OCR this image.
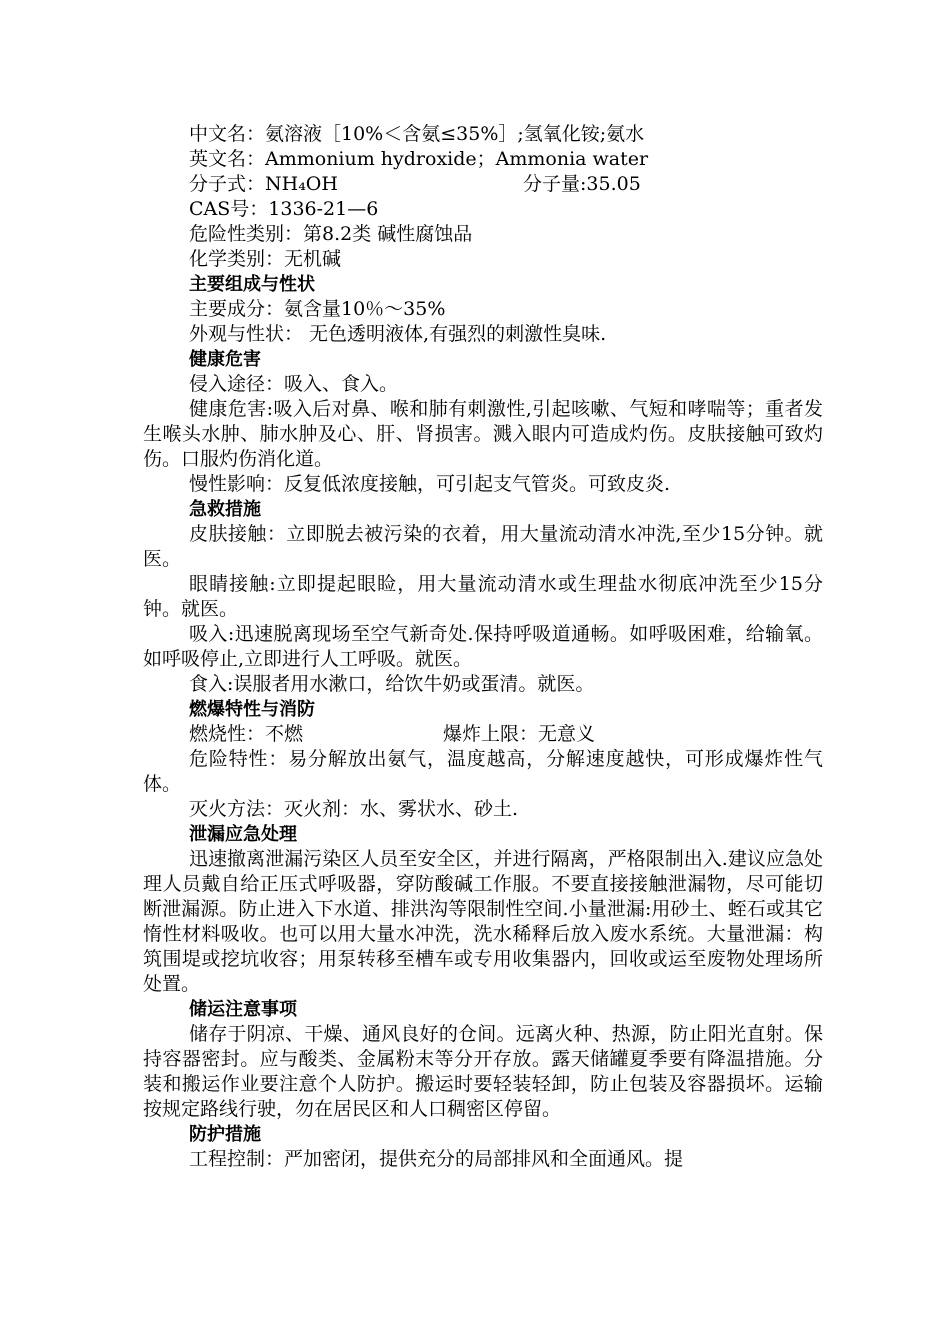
中文名：氨溶液［10%＜含氨≤35%］;氢氧化铵;氨水
英文名：Ammonium hydroxide；Ammonia water
分子式：NH₄OH	分子量:35.05
CAS号：1336-21—6
危险性类别：第8.2类 碱性腐蚀品
化学类别：无机碱
主要组成与性状
主要成分：氨含量10％～35%
外观与性状： 无色透明液体,有强烈的刺激性臭味.
健康危害
侵入途径：吸入、食入。
健康危害:吸入后对鼻、喉和肺有刺激性,引起咳嗽、气短和哮喘等；重者发生喉头水肿、肺水肿及心、肝、肾损害。溅入眼内可造成灼伤。皮肤接触可致灼伤。口服灼伤消化道。
慢性影响：反复低浓度接触，可引起支气管炎。可致皮炎.
急救措施
皮肤接触：立即脱去被污染的衣着，用大量流动清水冲洗,至少15分钟。就医。
眼睛接触:立即提起眼睑，用大量流动清水或生理盐水彻底冲洗至少15分钟。就医。
吸入:迅速脱离现场至空气新奇处.保持呼吸道通畅。如呼吸困难，给输氧。如呼吸停止,立即进行人工呼吸。就医。
食入:误服者用水漱口，给饮牛奶或蛋清。就医。
燃爆特性与消防
燃烧性：不燃	爆炸上限：无意义
危险特性：易分解放出氨气，温度越高，分解速度越快，可形成爆炸性气体。
灭火方法：灭火剂：水、雾状水、砂土.
泄漏应急处理
迅速撤离泄漏污染区人员至安全区，并进行隔离，严格限制出入.建议应急处理人员戴自给正压式呼吸器，穿防酸碱工作服。不要直接接触泄漏物，尽可能切断泄漏源。防止进入下水道、排洪沟等限制性空间.小量泄漏:用砂土、蛭石或其它惰性材料吸收。也可以用大量水冲洗，洗水稀释后放入废水系统。大量泄漏：构筑围堤或挖坑收容；用泵转移至槽车或专用收集器内，回收或运至废物处理场所处置。
储运注意事项
储存于阴凉、干燥、通风良好的仓间。远离火种、热源，防止阳光直射。保持容器密封。应与酸类、金属粉末等分开存放。露天储罐夏季要有降温措施。分装和搬运作业要注意个人防护。搬运时要轻装轻卸，防止包装及容器损坏。运输按规定路线行驶，勿在居民区和人口稠密区停留。
防护措施
工程控制：严加密闭，提供充分的局部排风和全面通风。提
